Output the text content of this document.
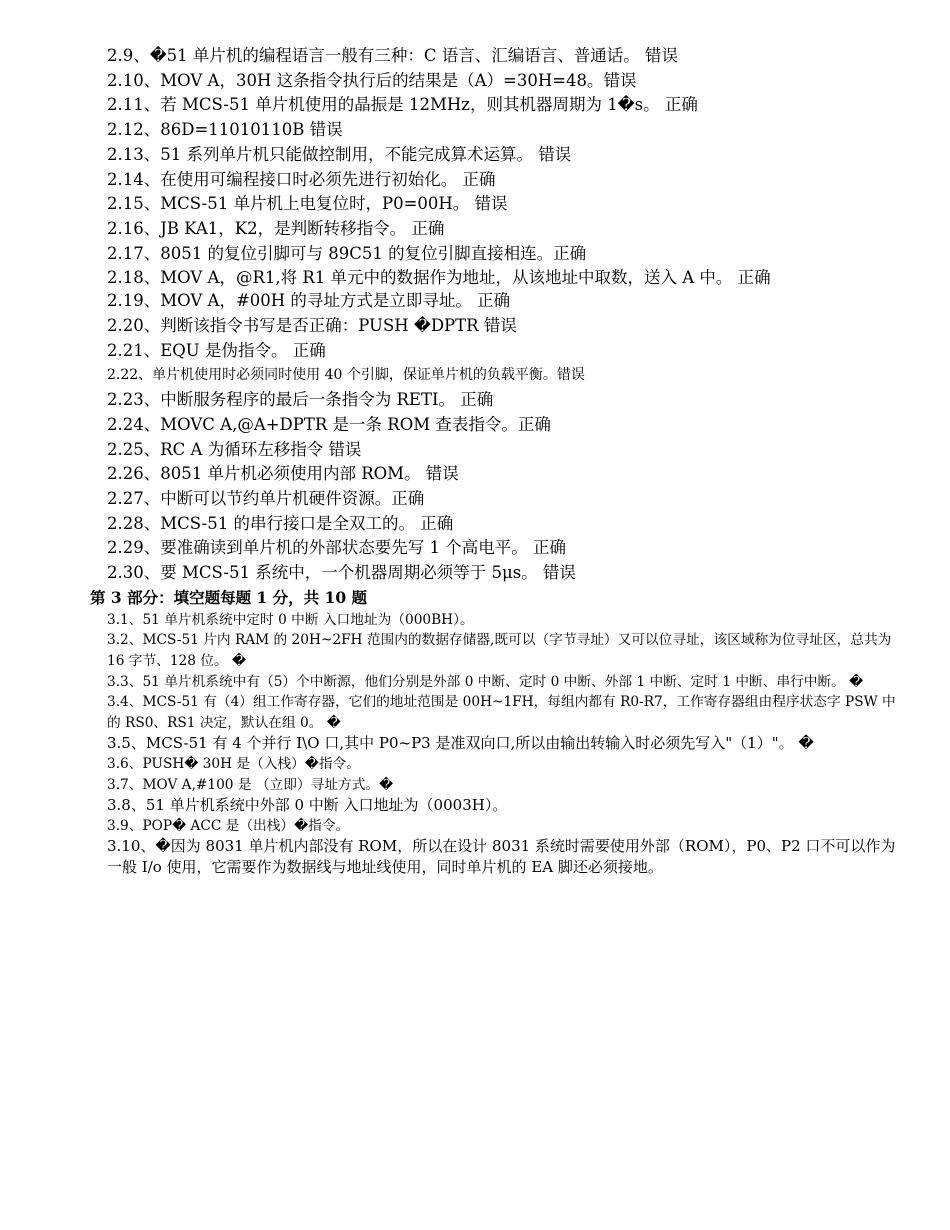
2.9、�51 单片机的编程语言一般有三种：C 语言、汇编语言、普通话。 错误
2.10、MOV A，30H 这条指令执行后的结果是（A）=30H=48。错误
2.11、若 MCS-51 单片机使用的晶振是 12MHz，则其机器周期为 1�s。 正确
2.12、86D=11010110B 错误
2.13、51 系列单片机只能做控制用，不能完成算术运算。 错误
2.14、在使用可编程接口时必须先进行初始化。 正确
2.15、MCS-51 单片机上电复位时，P0=00H。 错误
2.16、JB KA1，K2，是判断转移指令。 正确
2.17、8051 的复位引脚可与 89C51 的复位引脚直接相连。正确
2.18、MOV A，@R1,将 R1 单元中的数据作为地址，从该地址中取数，送入 A 中。 正确
2.19、MOV A，#00H 的寻址方式是立即寻址。 正确
2.20、判断该指令书写是否正确：PUSH �DPTR 错误
2.21、EQU 是伪指令。 正确
2.22、单片机使用时必须同时使用 40 个引脚，保证单片机的负载平衡。错误
2.23、中断服务程序的最后一条指令为 RETI。 正确
2.24、MOVC A,@A+DPTR 是一条 ROM 查表指令。正确
2.25、RC A 为循环左移指令 错误
2.26、8051 单片机必须使用内部 ROM。 错误
2.27、中断可以节约单片机硬件资源。正确
2.28、MCS-51 的串行接口是全双工的。 正确
2.29、要准确读到单片机的外部状态要先写 1 个高电平。 正确
2.30、要 MCS-51 系统中，一个机器周期必须等于 5μs。 错误
第 3 部分：填空题每题 1 分，共 10 题
3.1、51 单片机系统中定时 0 中断 入口地址为（000BH）。
3.2、MCS-51 片内 RAM 的 20H~2FH 范围内的数据存储器,既可以（字节寻址）又可以位寻址，该区域称为位寻址区，总共为 16 字节、128 位。 �
3.3、51 单片机系统中有（5）个中断源，他们分别是外部 0 中断、定时 0 中断、外部 1 中断、定时 1 中断、串行中断。 �
3.4、MCS-51 有（4）组工作寄存器，它们的地址范围是 00H~1FH，每组内都有 R0-R7，工作寄存器组由程序状态字 PSW 中的 RS0、RS1 决定，默认在组 0。 �
3.5、MCS-51 有 4 个并行 I\O 口,其中 P0~P3 是准双向口,所以由输出转输入时必须先写入"（1）"。 �
3.6、PUSH� 30H 是（入栈）�指令。
3.7、MOV A,#100 是 （立即）寻址方式。�
3.8、51 单片机系统中外部 0 中断 入口地址为（0003H）。
3.9、POP� ACC 是（出栈）�指令。
3.10、�因为 8031 单片机内部没有 ROM，所以在设计 8031 系统时需要使用外部（ROM），P0、P2 口不可以作为一般 I/o 使用，它需要作为数据线与地址线使用，同时单片机的 EA 脚还必须接地。
